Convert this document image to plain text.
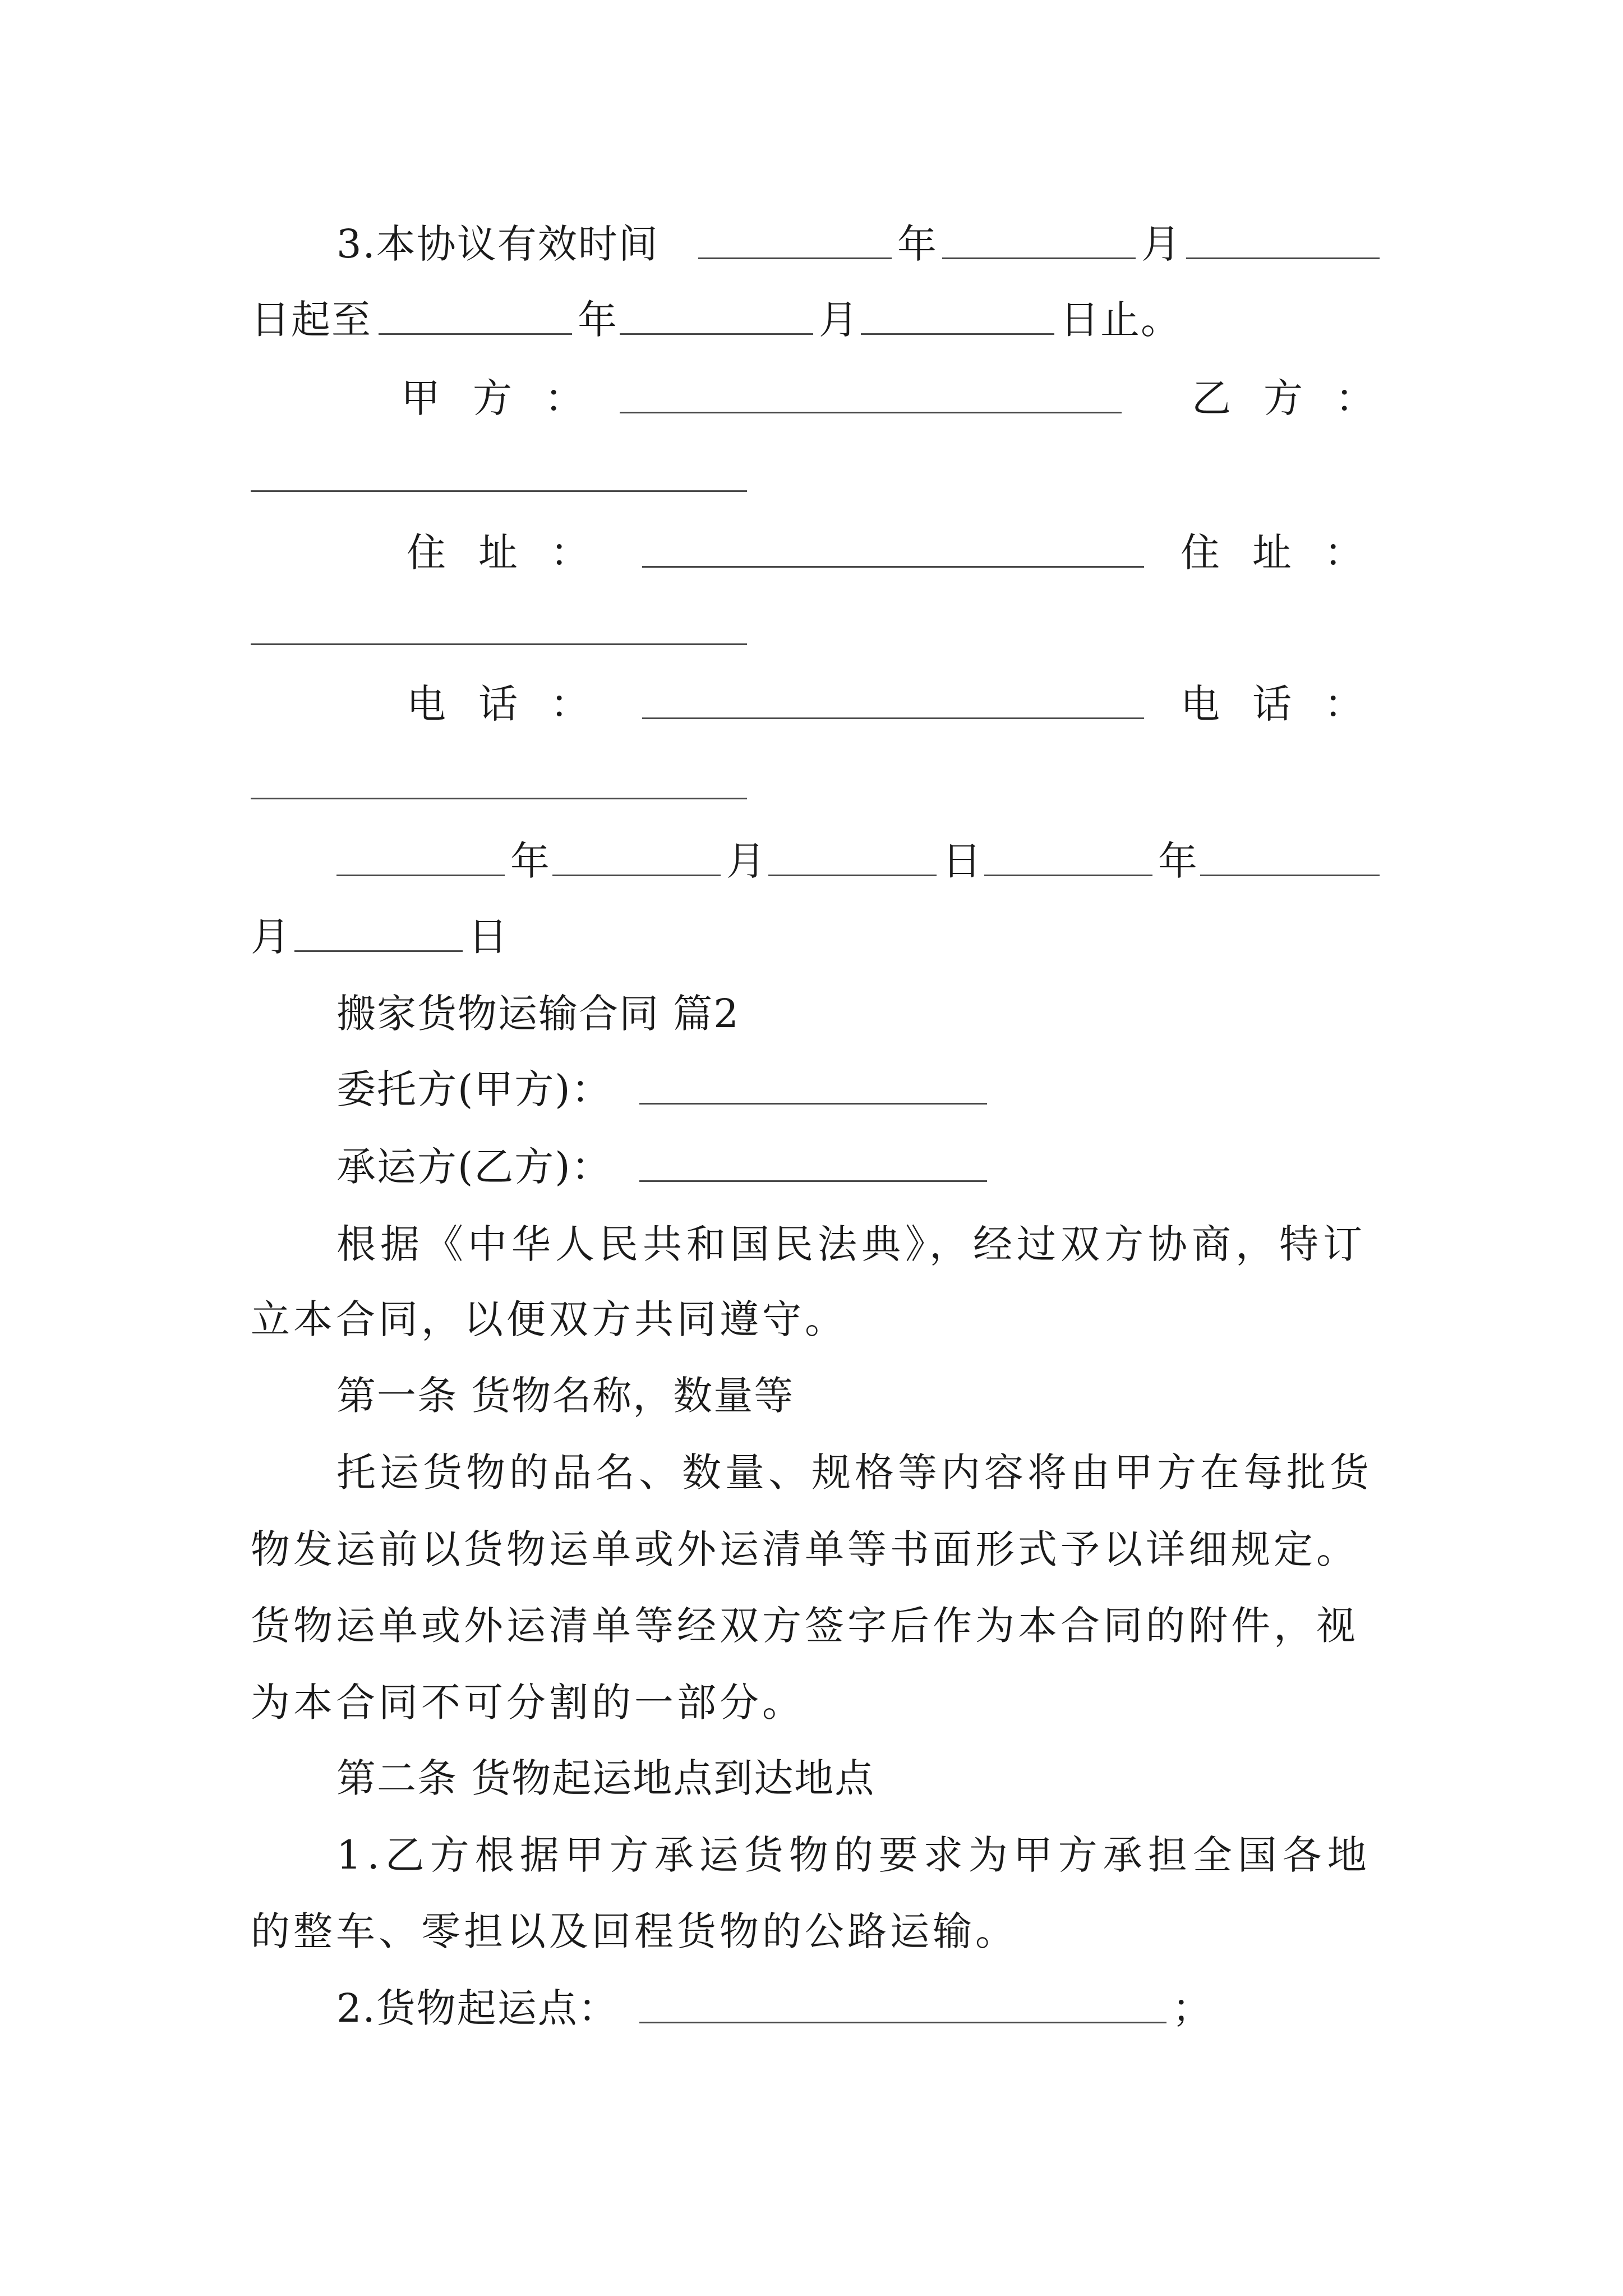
3.本协议有效时间	年	月
日起至	年	月	日止。
甲方：	乙方：
住址：	住址：
电话：	电话：
年	月	日	年
月	日
搬家货物运输合同 篇2
委托方(甲方)：
承运方(乙方)：
根据《中华人民共和国民法典》，经过双方协商，特订
立本合同，以便双方共同遵守。
第一条 货物名称，数量等
托运货物的品名、数量、规格等内容将由甲方在每批货
物发运前以货物运单或外运清单等书面形式予以详细规定。
货物运单或外运清单等经双方签字后作为本合同的附件，视
为本合同不可分割的一部分。
第二条 货物起运地点到达地点
1.乙方根据甲方承运货物的要求为甲方承担全国各地
的整车、零担以及回程货物的公路运输。
2.货物起运点：	；
